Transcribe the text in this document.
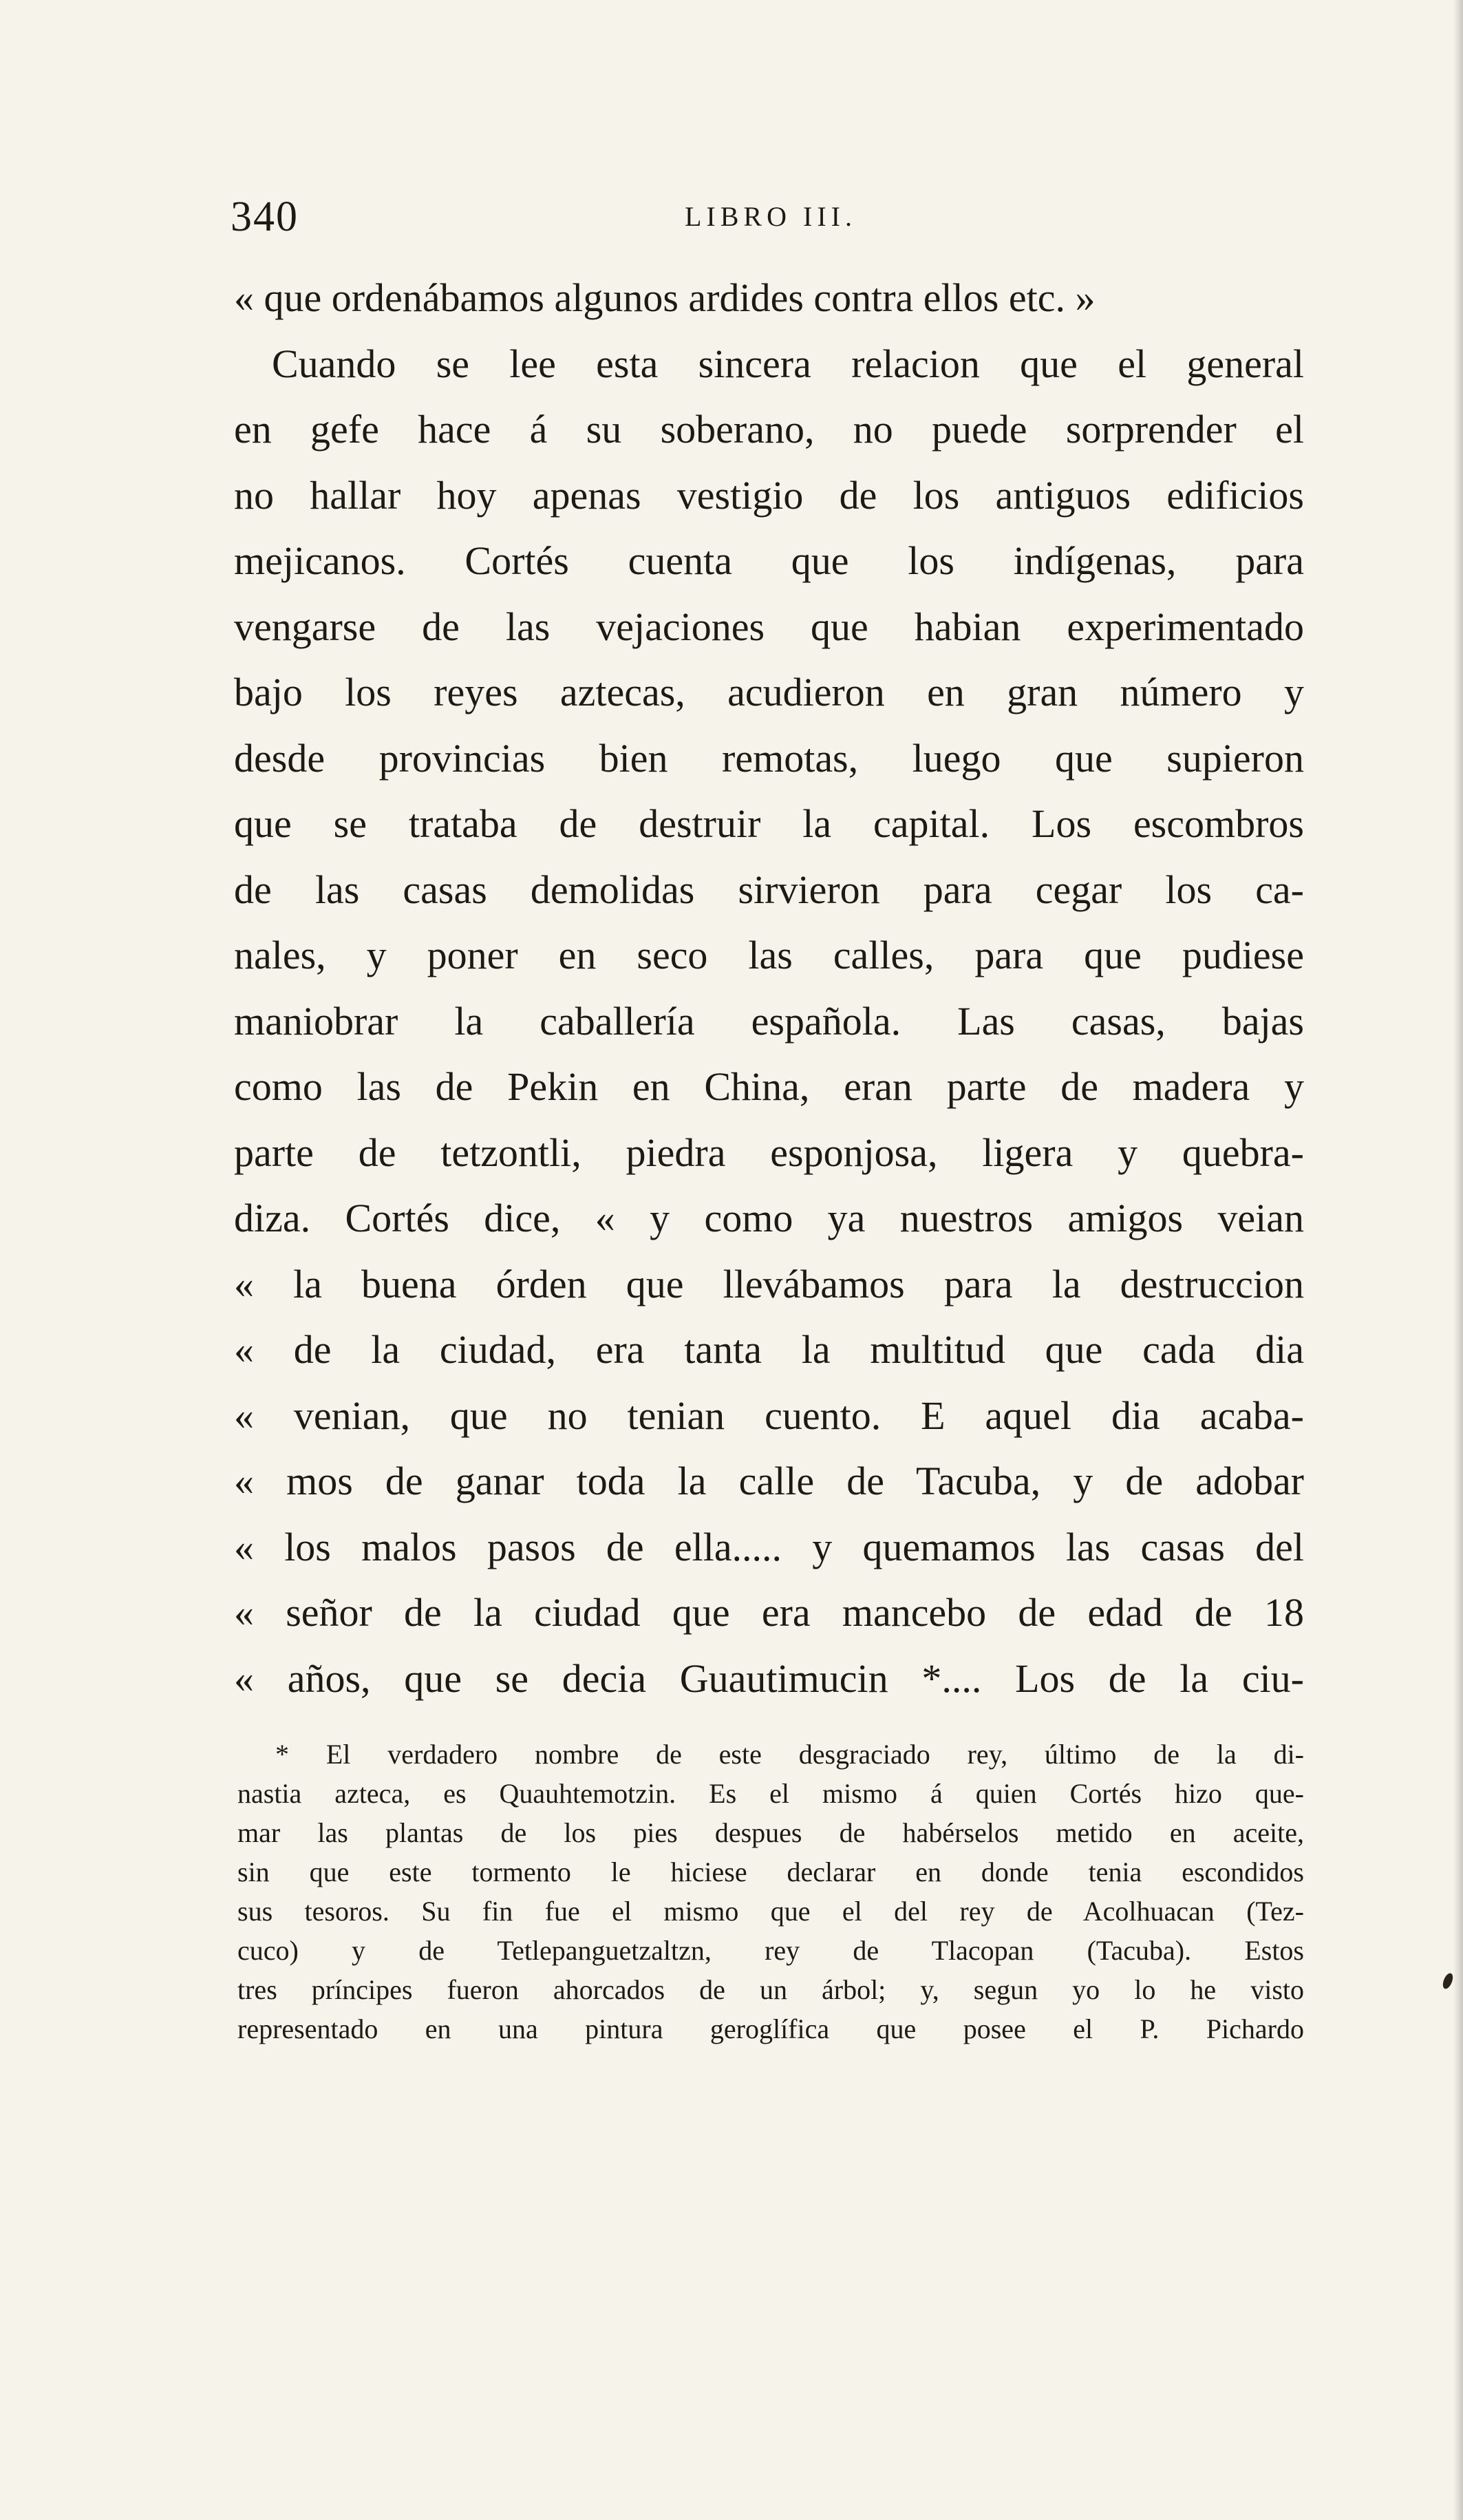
340	LIBRO III.
« que ordenábamos algunos ardides contra ellos etc. »
Cuando se lee esta sincera relacion que el general
en gefe hace á su soberano, no puede sorprender el
no hallar hoy apenas vestigio de los antiguos edificios
mejicanos. Cortés cuenta que los indígenas, para
vengarse de las vejaciones que habian experimentado
bajo los reyes aztecas, acudieron en gran número y
desde provincias bien remotas, luego que supieron
que se trataba de destruir la capital. Los escombros
de las casas demolidas sirvieron para cegar los ca-
nales, y poner en seco las calles, para que pudiese
maniobrar la caballería española. Las casas, bajas
como las de Pekin en China, eran parte de madera y
parte de tetzontli, piedra esponjosa, ligera y quebra-
diza. Cortés dice, « y como ya nuestros amigos veian
« la buena órden que llevábamos para la destruccion
« de la ciudad, era tanta la multitud que cada dia
« venian, que no tenian cuento. E aquel dia acaba-
« mos de ganar toda la calle de Tacuba, y de adobar
« los malos pasos de ella..... y quemamos las casas del
« señor de la ciudad que era mancebo de edad de 18
« años, que se decia Guautimucin *.... Los de la ciu-
* El verdadero nombre de este desgraciado rey, último de la di-
nastia azteca, es Quauhtemotzin. Es el mismo á quien Cortés hizo que-
mar las plantas de los pies despues de habérselos metido en aceite,
sin que este tormento le hiciese declarar en donde tenia escondidos
sus tesoros. Su fin fue el mismo que el del rey de Acolhuacan (Tez-
cuco) y de Tetlepanguetzaltzn, rey de Tlacopan (Tacuba). Estos
tres príncipes fueron ahorcados de un árbol; y, segun yo lo he visto
representado en una pintura geroglífica que posee el P. Pichardo
